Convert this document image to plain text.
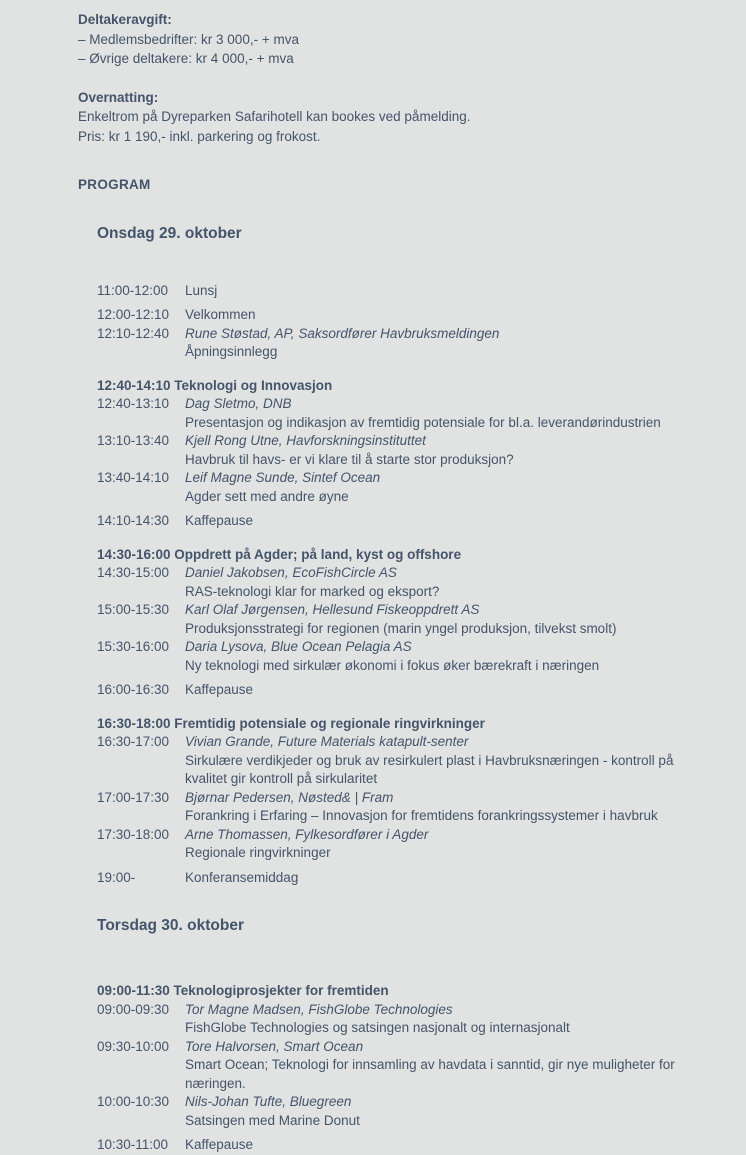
Deltakeravgift:
– Medlemsbedrifter: kr 3 000,- + mva
– Øvrige deltakere: kr 4 000,- + mva
Overnatting:
Enkeltrom på Dyreparken Safarihotell kan bookes ved påmelding.
Pris: kr 1 190,- inkl. parkering og frokost.
PROGRAM
Onsdag 29. oktober
11:00-12:00	Lunsj
12:00-12:10	Velkommen
12:10-12:40	Rune Støstad, AP, Saksordfører Havbruksmeldingen
Åpningsinnlegg
12:40-14:10 Teknologi og Innovasjon
12:40-13:10	Dag Sletmo, DNB
Presentasjon og indikasjon av fremtidig potensiale for bl.a. leverandørindustrien
13:10-13:40	Kjell Rong Utne, Havforskningsinstituttet
Havbruk til havs- er vi klare til å starte stor produksjon?
13:40-14:10	Leif Magne Sunde, Sintef Ocean
Agder sett med andre øyne
14:10-14:30	Kaffepause
14:30-16:00 Oppdrett på Agder; på land, kyst og offshore
14:30-15:00	Daniel Jakobsen, EcoFishCircle AS
RAS-teknologi klar for marked og eksport?
15:00-15:30	Karl Olaf Jørgensen, Hellesund Fiskeoppdrett AS
Produksjonsstrategi for regionen (marin yngel produksjon, tilvekst smolt)
15:30-16:00	Daria Lysova, Blue Ocean Pelagia AS
Ny teknologi med sirkulær økonomi i fokus øker bærekraft i næringen
16:00-16:30	Kaffepause
16:30-18:00 Fremtidig potensiale og regionale ringvirkninger
16:30-17:00	Vivian Grande, Future Materials katapult-senter
Sirkulære verdikjeder og bruk av resirkulert plast i Havbruksnæringen - kontroll på kvalitet gir kontroll på sirkularitet
17:00-17:30	Bjørnar Pedersen, Nøsted& | Fram
Forankring i Erfaring – Innovasjon for fremtidens forankringssystemer i havbruk
17:30-18:00	Arne Thomassen, Fylkesordfører i Agder
Regionale ringvirkninger
19:00-	Konferansemiddag
Torsdag 30. oktober
09:00-11:30 Teknologiprosjekter for fremtiden
09:00-09:30	Tor Magne Madsen, FishGlobe Technologies
FishGlobe Technologies og satsingen nasjonalt og internasjonalt
09:30-10:00	Tore Halvorsen, Smart Ocean
Smart Ocean; Teknologi for innsamling av havdata i sanntid, gir nye muligheter for næringen.
10:00-10:30	Nils-Johan Tufte, Bluegreen
Satsingen med Marine Donut
10:30-11:00	Kaffepause
